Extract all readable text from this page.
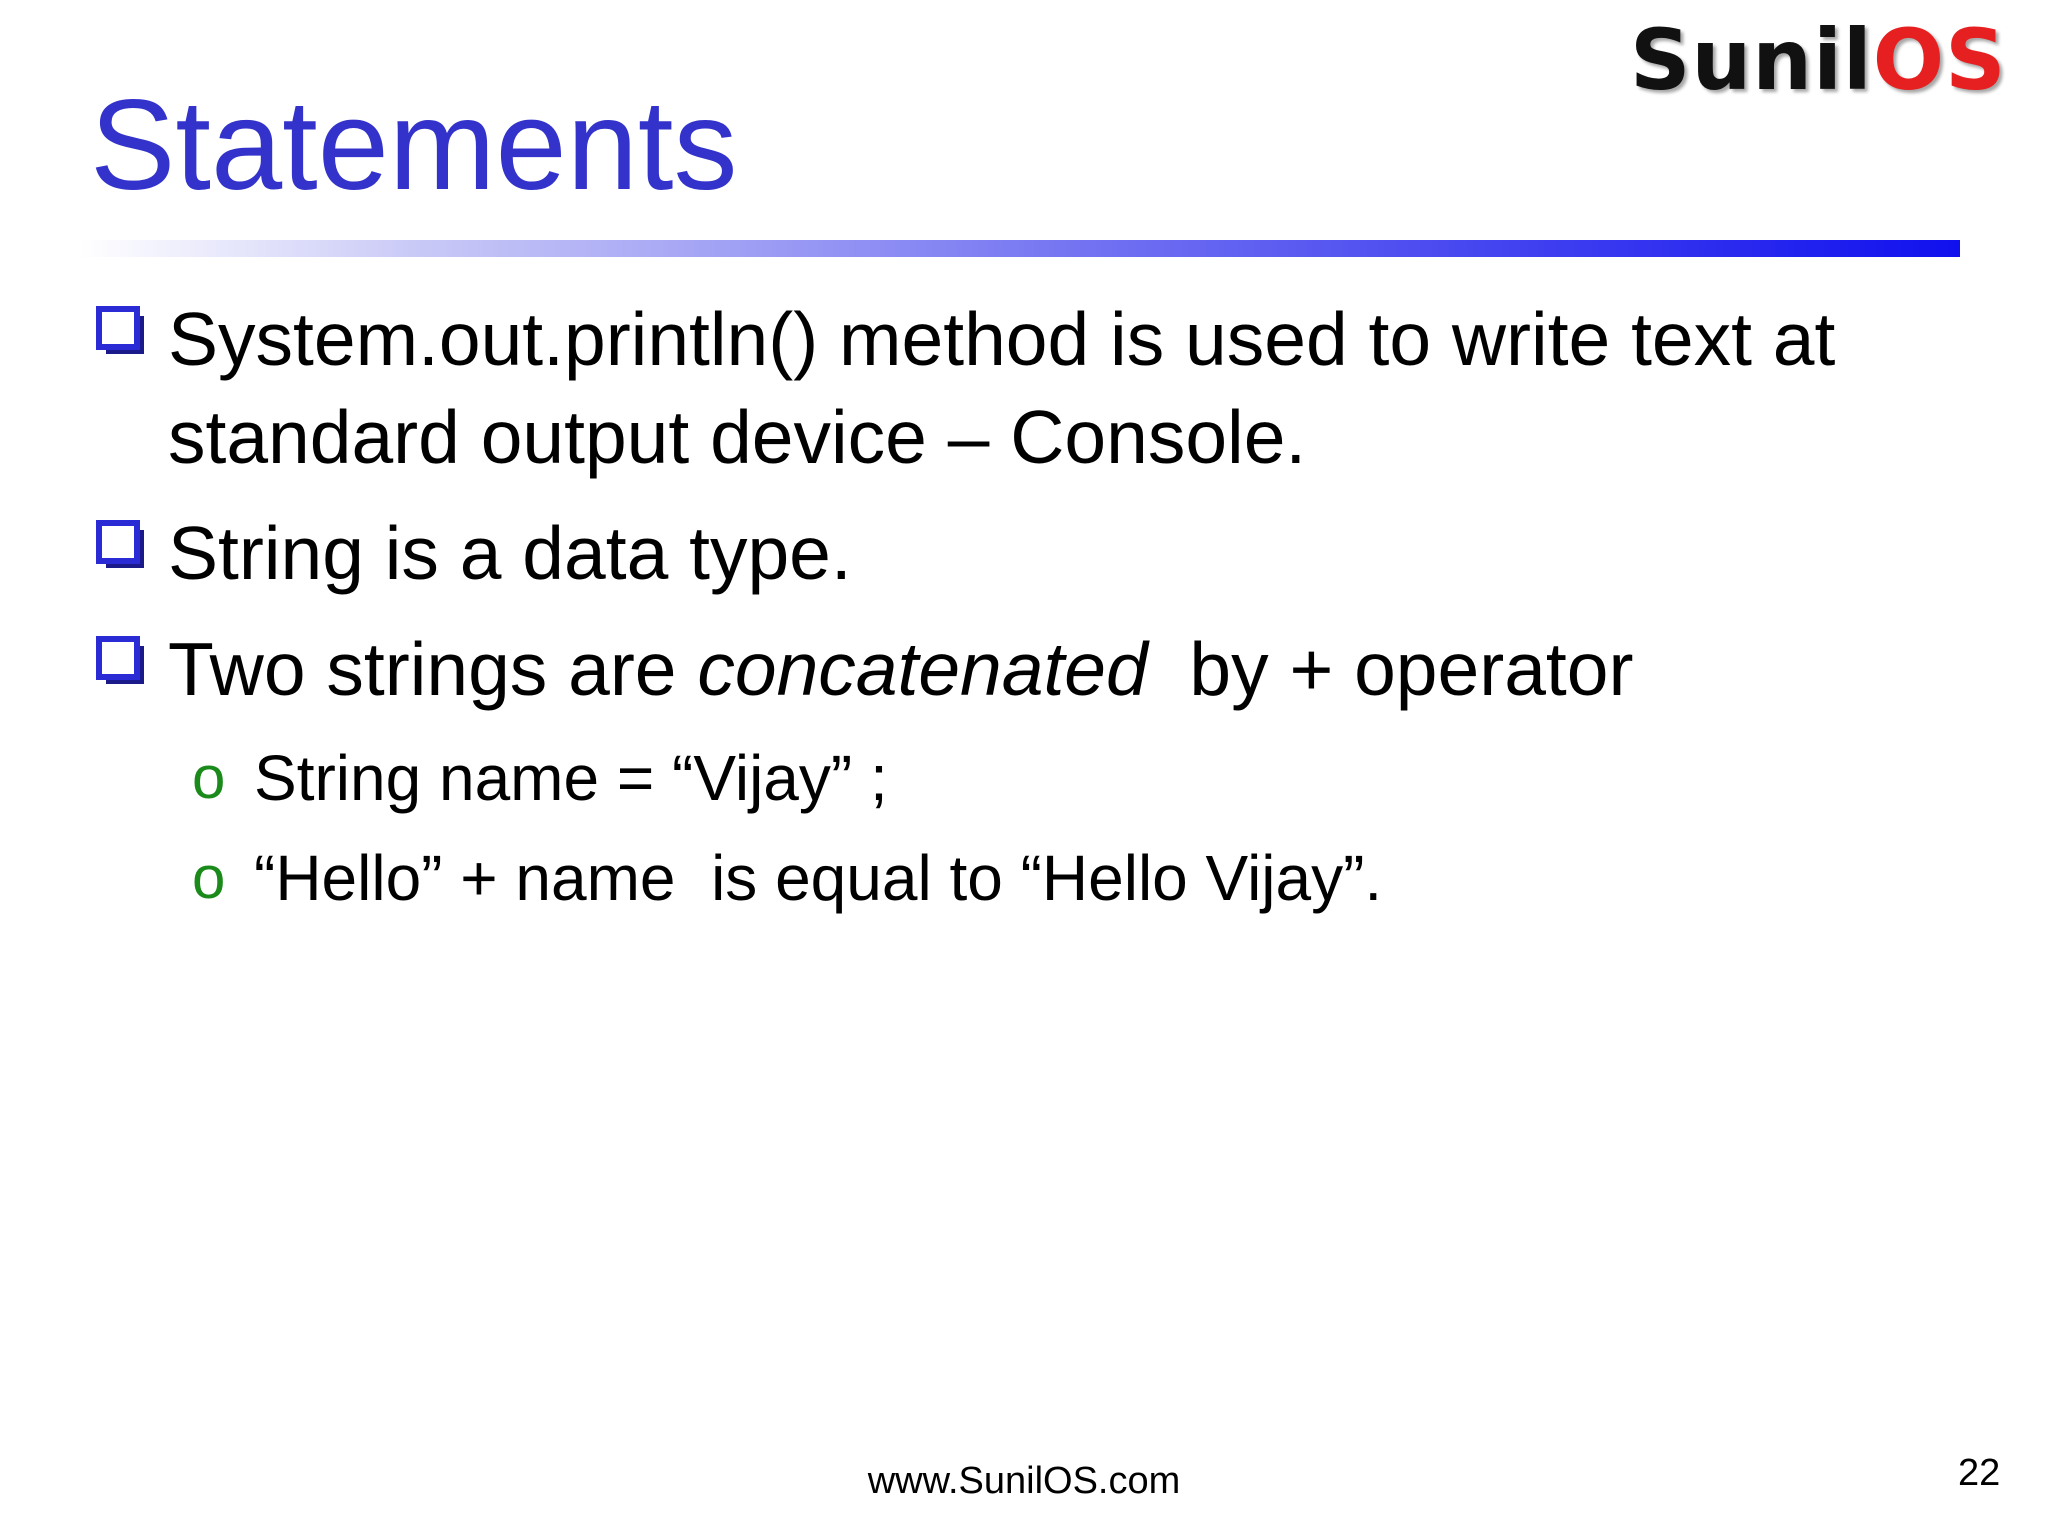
SunilOS
Statements
System.out.println() method is used to write text at standard output device – Console.
String is a data type.
Two strings are concatenated  by + operator
o String name = “Vijay” ;
o “Hello” + name  is equal to “Hello Vijay”.
www.SunilOS.com	22
